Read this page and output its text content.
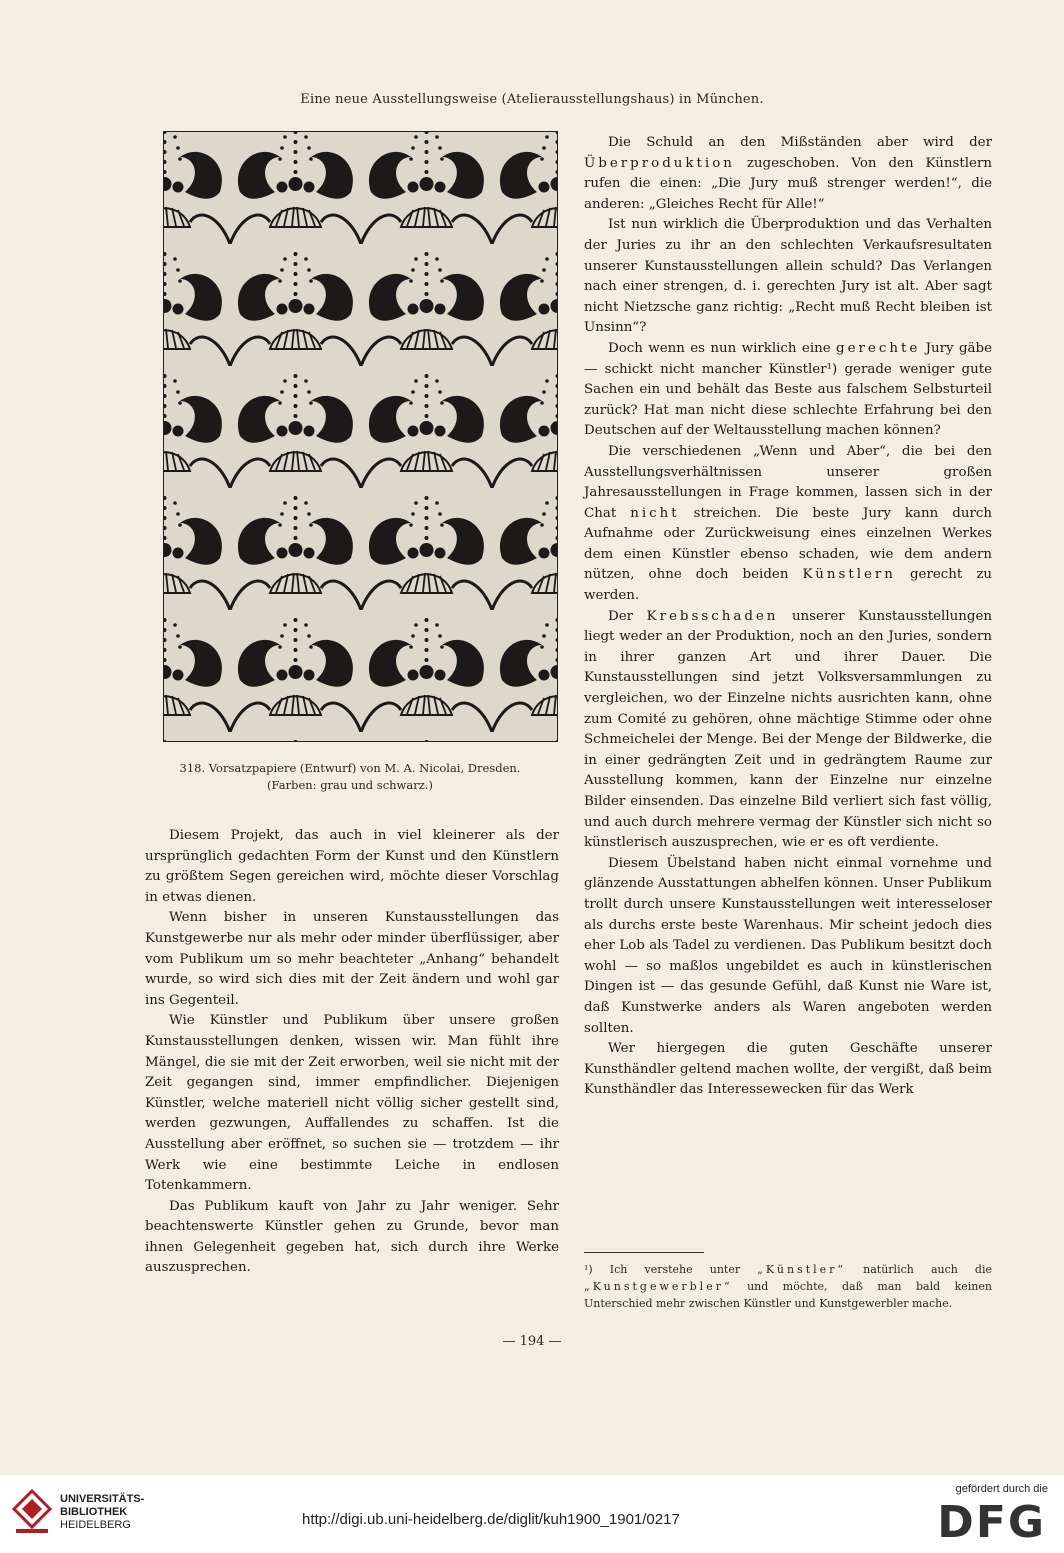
Eine neue Ausstellungsweise (Atelierausstellungshaus) in München.
318. Vorsatzpapiere (Entwurf) von M. A. Nicolai, Dresden.
(Farben: grau und schwarz.)

Diesem Projekt, das auch in viel kleinerer als der ursprünglich gedachten Form der Kunst und den Künstlern zu größtem Segen gereichen wird, möchte dieser Vorschlag in etwas dienen.

Wenn bisher in unseren Kunstausstellungen das Kunstgewerbe nur als mehr oder minder überflüssiger, aber vom Publikum um so mehr beachteter „Anhang“ behandelt wurde, so wird sich dies mit der Zeit ändern und wohl gar ins Gegenteil.

Wie Künstler und Publikum über unsere großen Kunstausstellungen denken, wissen wir. Man fühlt ihre Mängel, die sie mit der Zeit erworben, weil sie nicht mit der Zeit gegangen sind, immer empfindlicher. Diejenigen Künstler, welche materiell nicht völlig sicher gestellt sind, werden gezwungen, Auffallendes zu schaffen. Ist die Ausstellung aber eröffnet, so suchen sie — trotzdem — ihr Werk wie eine bestimmte Leiche in endlosen Totenkammern.

Das Publikum kauft von Jahr zu Jahr weniger. Sehr beachtenswerte Künstler gehen zu Grunde, bevor man ihnen Gelegenheit gegeben hat, sich durch ihre Werke auszusprechen.

Die Schuld an den Mißständen aber wird der Überproduktion zugeschoben. Von den Künstlern rufen die einen: „Die Jury muß strenger werden!“, die anderen: „Gleiches Recht für Alle!“

Ist nun wirklich die Überproduktion und das Verhalten der Juries zu ihr an den schlechten Verkaufsresultaten unserer Kunstausstellungen allein schuld? Das Verlangen nach einer strengen, d. i. gerechten Jury ist alt. Aber sagt nicht Nietzsche ganz richtig: „Recht muß Recht bleiben ist Unsinn“?

Doch wenn es nun wirklich eine gerechte Jury gäbe — schickt nicht mancher Künstler¹) gerade weniger gute Sachen ein und behält das Beste aus falschem Selbsturteil zurück? Hat man nicht diese schlechte Erfahrung bei den Deutschen auf der Weltausstellung machen können?

Die verschiedenen „Wenn und Aber“, die bei den Ausstellungsverhältnissen unserer großen Jahresausstellungen in Frage kommen, lassen sich in der Chat nicht streichen. Die beste Jury kann durch Aufnahme oder Zurückweisung eines einzelnen Werkes dem einen Künstler ebenso schaden, wie dem andern nützen, ohne doch beiden Künstlern gerecht zu werden.

Der Krebsschaden unserer Kunstausstellungen liegt weder an der Produktion, noch an den Juries, sondern in ihrer ganzen Art und ihrer Dauer. Die Kunstausstellungen sind jetzt Volksversammlungen zu vergleichen, wo der Einzelne nichts ausrichten kann, ohne zum Comité zu gehören, ohne mächtige Stimme oder ohne Schmeichelei der Menge. Bei der Menge der Bildwerke, die in einer gedrängten Zeit und in gedrängtem Raume zur Ausstellung kommen, kann der Einzelne nur einzelne Bilder einsenden. Das einzelne Bild verliert sich fast völlig, und auch durch mehrere vermag der Künstler sich nicht so künstlerisch auszusprechen, wie er es oft verdiente.

Diesem Übelstand haben nicht einmal vornehme und glänzende Ausstattungen abhelfen können. Unser Publikum trollt durch unsere Kunstausstellungen weit interesseloser als durchs erste beste Warenhaus. Mir scheint jedoch dies eher Lob als Tadel zu verdienen. Das Publikum besitzt doch wohl — so maßlos ungebildet es auch in künstlerischen Dingen ist — das gesunde Gefühl, daß Kunst nie Ware ist, daß Kunstwerke anders als Waren angeboten werden sollten.

Wer hiergegen die guten Geschäfte unserer Kunsthändler geltend machen wollte, der vergißt, daß beim Kunsthändler das Interessewecken für das Werk

¹) Ich verstehe unter „Künstler“ natürlich auch die „Kunstgewerbler“ und möchte, daß man bald keinen Unterschied mehr zwischen Künstler und Kunstgewerbler mache.
— 194 —
UNIVERSITÄTS-
BIBLIOTHEK
HEIDELBERG	http://digi.ub.uni-heidelberg.de/diglit/kuh1900_1901/0217
gefördert durch die
DFG
